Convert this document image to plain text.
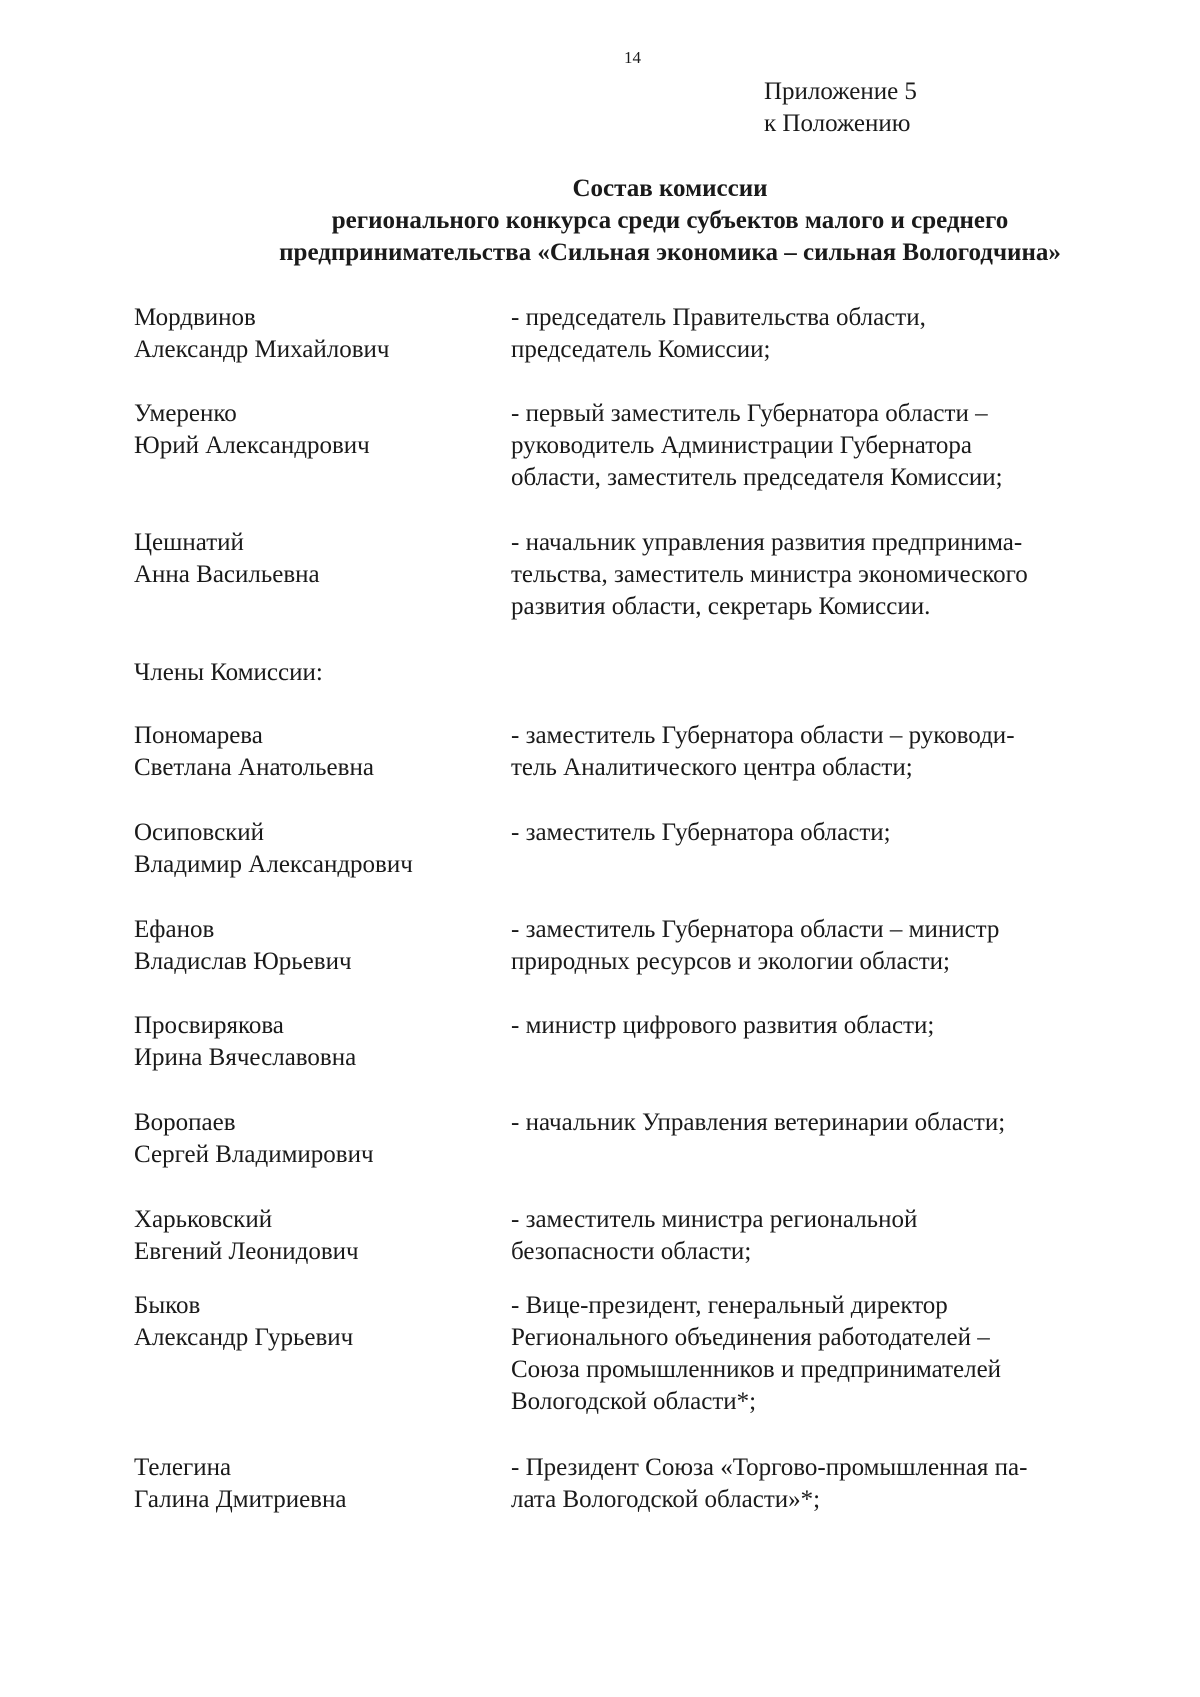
14
Приложение 5
к Положению
Состав комиссии
регионального конкурса среди субъектов малого и среднего
предпринимательства «Сильная экономика – сильная Вологодчина»
Мордвинов
Александр Михайлович
- председатель Правительства области,
председатель Комиссии;
Умеренко
Юрий Александрович
- первый заместитель Губернатора области –
руководитель Администрации Губернатора
области, заместитель председателя Комиссии;
Цешнатий
Анна Васильевна
- начальник управления развития предпринима-
тельства, заместитель министра экономического
развития области, секретарь Комиссии.
Члены Комиссии:
Пономарева
Светлана Анатольевна
- заместитель Губернатора области – руководи-
тель Аналитического центра области;
Осиповский
Владимир Александрович
- заместитель Губернатора области;
Ефанов
Владислав Юрьевич
- заместитель Губернатора области – министр
природных ресурсов и экологии области;
Просвирякова
Ирина Вячеславовна
- министр цифрового развития области;
Воропаев
Сергей Владимирович
- начальник Управления ветеринарии области;
Харьковский
Евгений Леонидович
- заместитель министра региональной
безопасности области;
Быков
Александр Гурьевич
- Вице-президент, генеральный директор
Регионального объединения работодателей –
Союза промышленников и предпринимателей
Вологодской области*;
Телегина
Галина Дмитриевна
- Президент Союза «Торгово-промышленная па-
лата Вологодской области»*;
